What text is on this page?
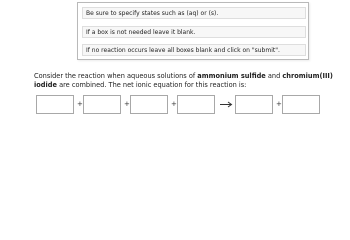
Be sure to specify states such as (aq) or (s).
If a box is not needed leave it blank.
If no reaction occurs leave all boxes blank and click on "submit".
Consider the reaction when aqueous solutions of ammonium sulfide and chromium(III) iodide are combined. The net ionic equation for this reaction is:
+	+	+	+
